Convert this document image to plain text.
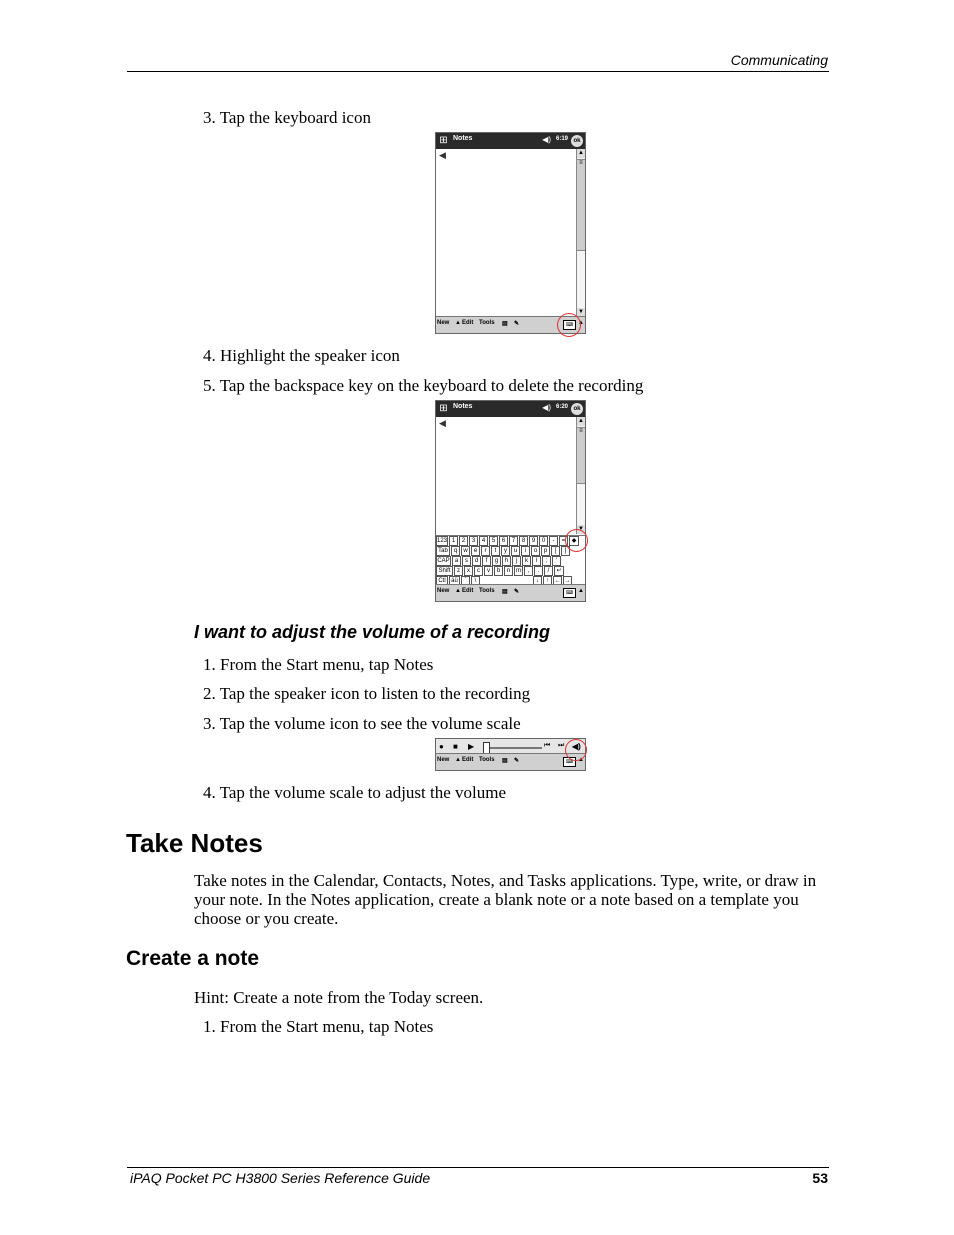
Communicating
3. Tap the keyboard icon
⊞ Notes	◀) 6:19 ok
◀	▲
≡
▼
New ▲ Edit Tools ▤ ✎	⌨ ▲
4. Highlight the speaker icon
5. Tap the backspace key on the keyboard to delete the recording
⊞ Notes	◀) 6:20 ok
◀	▲
≡
▼
123 1	2	3	4	5	6	7	8	9	0	-	=	◆
Tab q	w	e	r	t	y	u	i	o	p	[	]
CAP a	s	d	f	g	h	j	k	l	;	'
Shift	z	x	c	v	b	n m	,	.	/	↵
Ctl áü	`	\	↓	↑ ← →
New ▲ Edit Tools ▤ ✎	⌨ ▲
I want to adjust the volume of a recording
1. From the Start menu, tap Notes
2. Tap the speaker icon to listen to the recording
3. Tap the volume icon to see the volume scale
● ■ ▶	⏮ ⏭ ◀)
New ▲ Edit Tools ▤ ✎	⌨ ▲
4. Tap the volume scale to adjust the volume
Take Notes
Take notes in the Calendar, Contacts, Notes, and Tasks applications. Type, write, or draw in your note. In the Notes application, create a blank note or a note based on a template you choose or you create.
Create a note
Hint: Create a note from the Today screen.
1. From the Start menu, tap Notes
iPAQ Pocket PC H3800 Series Reference Guide	53
